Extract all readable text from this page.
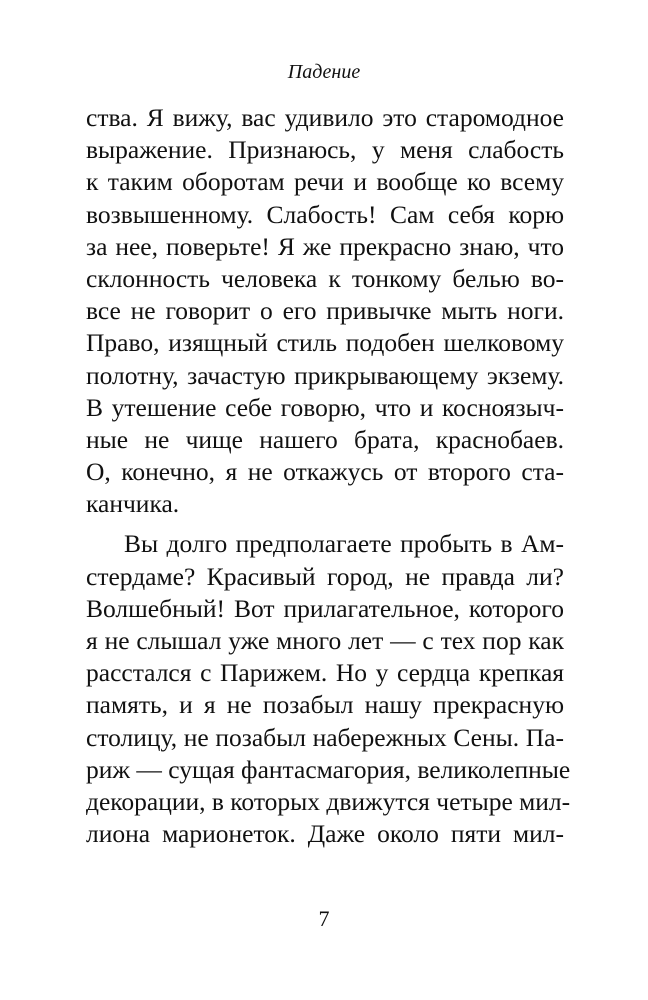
Падение
ства. Я вижу, вас удивило это старомодное
выражение. Признаюсь, у меня слабость
к таким оборотам речи и вообще ко всему
возвышенному. Слабость! Сам себя корю
за нее, поверьте! Я же прекрасно знаю, что
склонность человека к тонкому белью во-
все не говорит о его привычке мыть ноги.
Право, изящный стиль подобен шелковому
полотну, зачастую прикрывающему экзему.
В утешение себе говорю, что и косноязыч-
ные не чище нашего брата, краснобаев.
О, конечно, я не откажусь от второго ста-
канчика.
Вы долго предполагаете пробыть в Ам-
стердаме? Красивый город, не правда ли?
Волшебный! Вот прилагательное, которого
я не слышал уже много лет — с тех пор как
расстался с Парижем. Но у сердца крепкая
память, и я не позабыл нашу прекрасную
столицу, не позабыл набережных Сены. Па-
риж — сущая фантасмагория, великолепные
декорации, в которых движутся четыре мил-
лиона марионеток. Даже около пяти мил-
7
